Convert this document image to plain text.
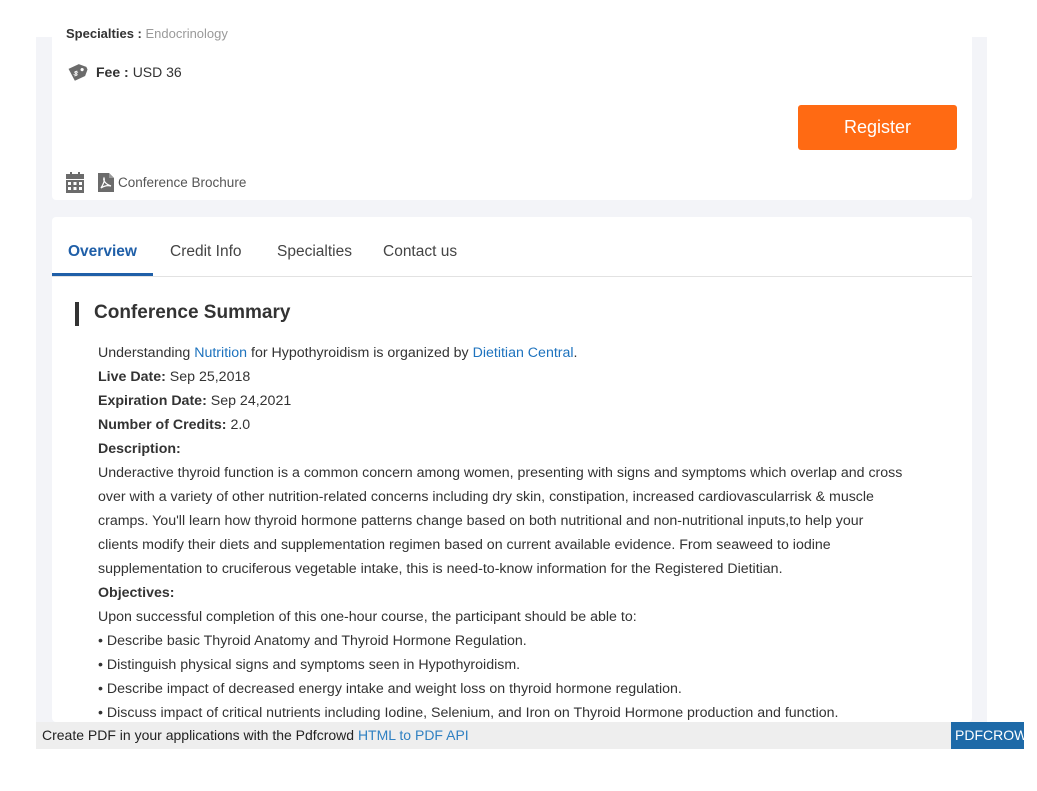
Specialties : Endocrinology
$ Fee : USD 36
Register
Conference Brochure
Overview Credit Info Specialties Contact us
Conference Summary
Understanding Nutrition for Hypothyroidism is organized by Dietitian Central.
Live Date: Sep 25,2018
Expiration Date: Sep 24,2021
Number of Credits: 2.0
Description:
Underactive thyroid function is a common concern among women, presenting with signs and symptoms which overlap and cross
over with a variety of other nutrition-related concerns including dry skin, constipation, increased cardiovascularrisk & muscle
cramps. You'll learn how thyroid hormone patterns change based on both nutritional and non-nutritional inputs,to help your
clients modify their diets and supplementation regimen based on current available evidence. From seaweed to iodine
supplementation to cruciferous vegetable intake, this is need-to-know information for the Registered Dietitian.
Objectives:
Upon successful completion of this one-hour course, the participant should be able to:
• Describe basic Thyroid Anatomy and Thyroid Hormone Regulation.
• Distinguish physical signs and symptoms seen in Hypothyroidism.
• Describe impact of decreased energy intake and weight loss on thyroid hormone regulation.
• Discuss impact of critical nutrients including Iodine, Selenium, and Iron on Thyroid Hormone production and function.
Create PDF in your applications with the Pdfcrowd HTML to PDF API	PDFCROWD
